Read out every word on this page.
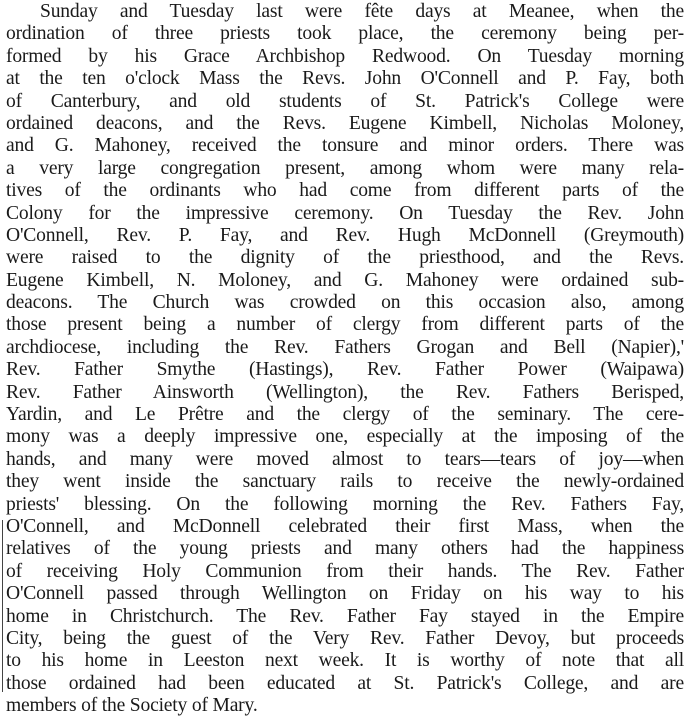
Sunday and Tuesday last were fête days at Meanee, when the
ordination of three priests took place, the ceremony being per-
formed by his Grace Archbishop Redwood. On Tuesday morning
at the ten o'clock Mass the Revs. John O'Connell and P. Fay, both
of Canterbury, and old students of St. Patrick's College were
ordained deacons, and the Revs. Eugene Kimbell, Nicholas Moloney,
and G. Mahoney, received the tonsure and minor orders. There was
a very large congregation present, among whom were many rela-
tives of the ordinants who had come from different parts of the
Colony for the impressive ceremony. On Tuesday the Rev. John
O'Connell, Rev. P. Fay, and Rev. Hugh McDonnell (Greymouth)
were raised to the dignity of the priesthood, and the Revs.
Eugene Kimbell, N. Moloney, and G. Mahoney were ordained sub-
deacons. The Church was crowded on this occasion also, among
those present being a number of clergy from different parts of the
archdiocese, including the Rev. Fathers Grogan and Bell (Napier),'
Rev. Father Smythe (Hastings), Rev. Father Power (Waipawa)
Rev. Father Ainsworth (Wellington), the Rev. Fathers Berisped,
Yardin, and Le Prêtre and the clergy of the seminary. The cere-
mony was a deeply impressive one, especially at the imposing of the
hands, and many were moved almost to tears—tears of joy—when
they went inside the sanctuary rails to receive the newly-ordained
priests' blessing. On the following morning the Rev. Fathers Fay,
O'Connell, and McDonnell celebrated their first Mass, when the
relatives of the young priests and many others had the happiness
of receiving Holy Communion from their hands. The Rev. Father
O'Connell passed through Wellington on Friday on his way to his
home in Christchurch. The Rev. Father Fay stayed in the Empire
City, being the guest of the Very Rev. Father Devoy, but proceeds
to his home in Leeston next week. It is worthy of note that all
those ordained had been educated at St. Patrick's College, and are
members of the Society of Mary.
